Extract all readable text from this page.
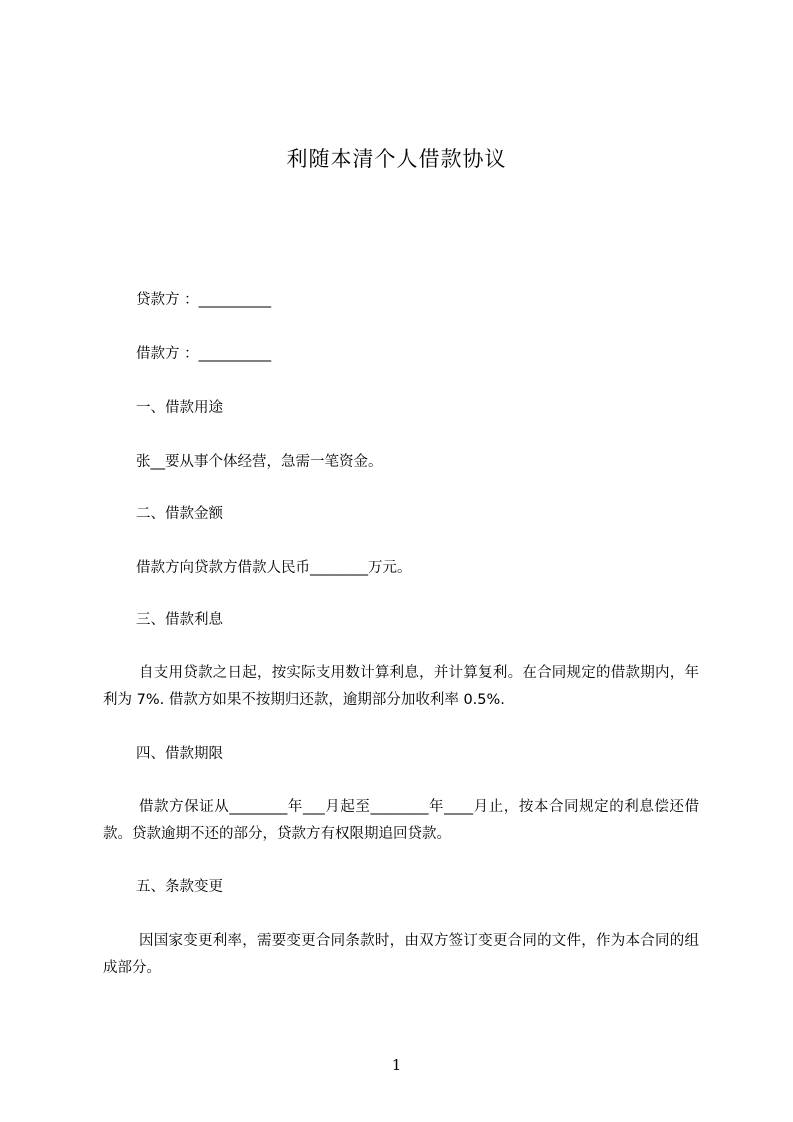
利随本清个人借款协议

贷款方 ：__________

借款方 ：__________

一、借款用途

张__要从事个体经营，急需一笔资金。

二、借款金额

借款方向贷款方借款人民币________万元。

三、借款利息

自支用贷款之日起，按实际支用数计算利息，并计算复利。在合同规定的借款期内，年利为 7%. 借款方如果不按期归还款，逾期部分加收利率 0.5%.

四、借款期限

借款方保证从________年___月起至________年____月止，按本合同规定的利息偿还借款。贷款逾期不还的部分，贷款方有权限期追回贷款。

五、条款变更

因国家变更利率，需要变更合同条款时，由双方签订变更合同的文件，作为本合同的组成部分。

1
